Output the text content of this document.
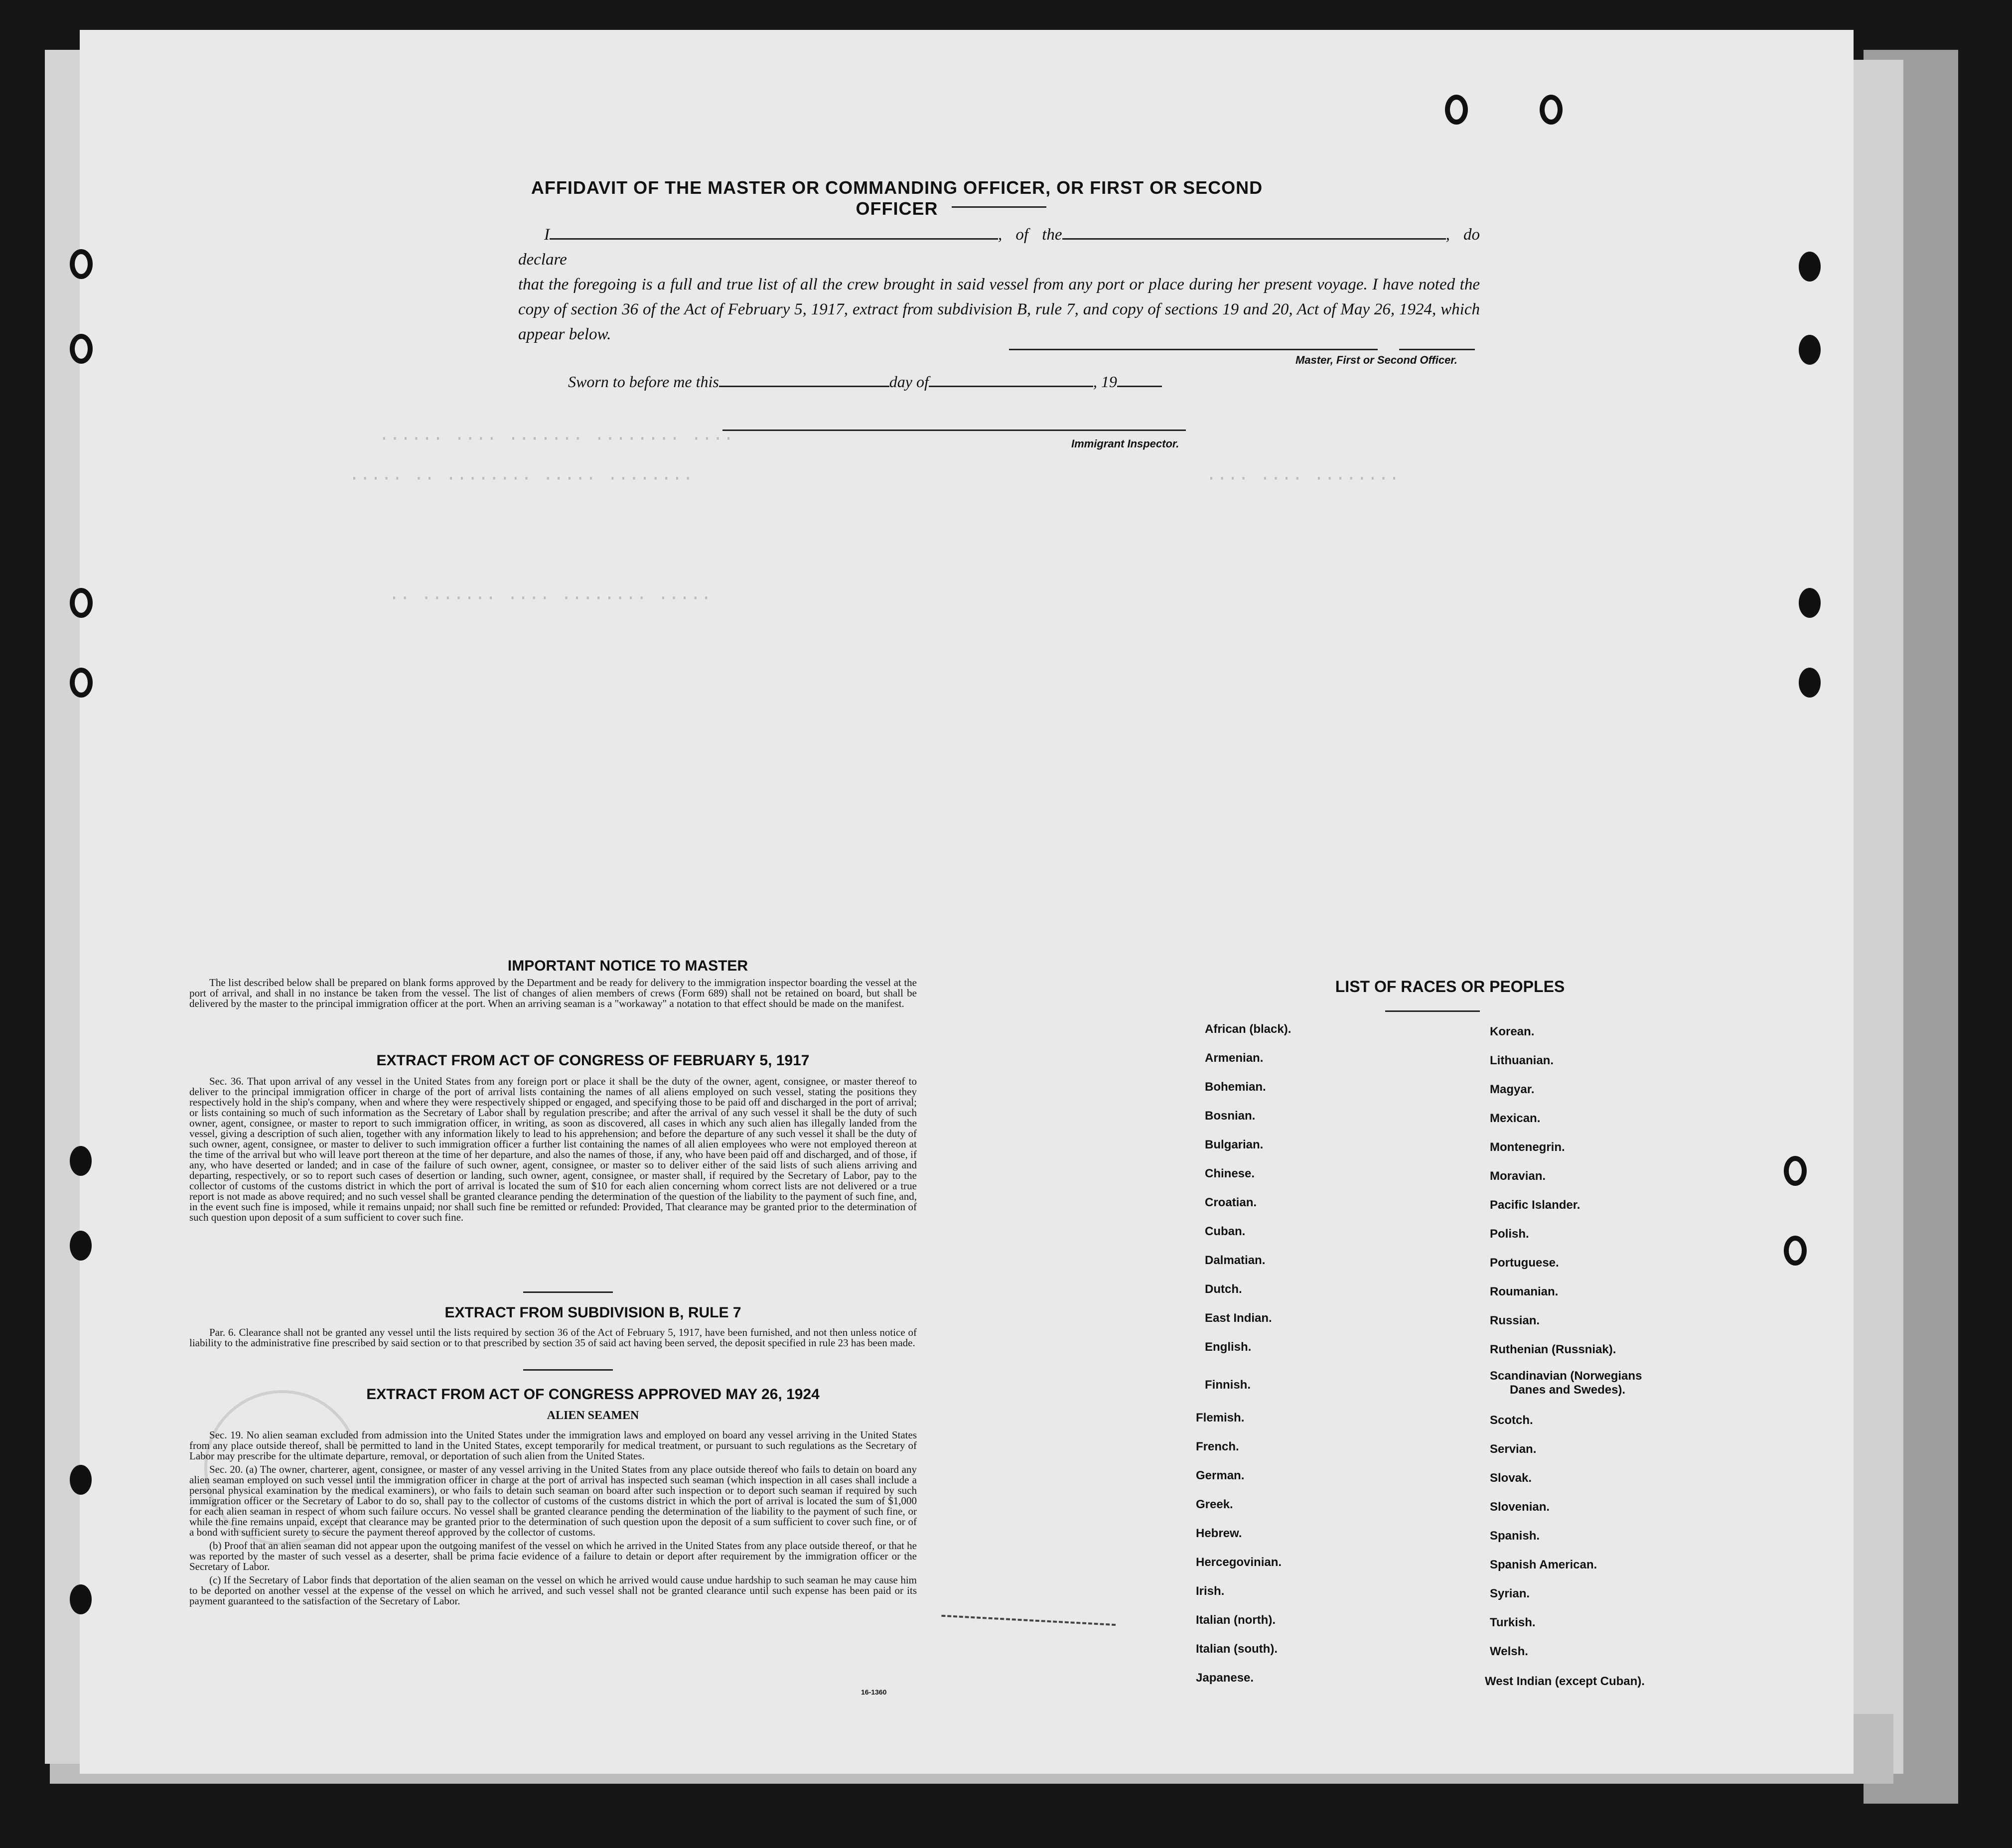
···· ········ ······· ···· ······
········ ····· ········ ·· ·····
····· ········ ···· ······· ··
········ ···· ····
AFFIDAVIT OF THE MASTER OR COMMANDING OFFICER, OR FIRST OR SECOND OFFICER
I	, of the	, do declare
that the foregoing is a full and true list of all the crew brought in said vessel from any port or place during her present voyage. I have noted the copy of section 36 of the Act of February 5, 1917, extract from subdivision B, rule 7, and copy of sections 19 and 20, Act of May 26, 1924, which appear below.
Master, First or Second Officer.
Sworn to before me this	day of	, 19
Immigrant Inspector.
IMPORTANT NOTICE TO MASTER

The list described below shall be prepared on blank forms approved by the Department and be ready for delivery to the immigration inspector boarding the vessel at the port of arrival, and shall in no instance be taken from the vessel. The list of changes of alien members of crews (Form 689) shall not be retained on board, but shall be delivered by the master to the principal immigration officer at the port. When an arriving seaman is a "workaway" a notation to that effect should be made on the manifest.

EXTRACT FROM ACT OF CONGRESS OF FEBRUARY 5, 1917

Sec. 36. That upon arrival of any vessel in the United States from any foreign port or place it shall be the duty of the owner, agent, consignee, or master thereof to deliver to the principal immigration officer in charge of the port of arrival lists containing the names of all aliens employed on such vessel, stating the positions they respectively hold in the ship's company, when and where they were respectively shipped or engaged, and specifying those to be paid off and discharged in the port of arrival; or lists containing so much of such information as the Secretary of Labor shall by regulation prescribe; and after the arrival of any such vessel it shall be the duty of such owner, agent, consignee, or master to report to such immigration officer, in writing, as soon as discovered, all cases in which any such alien has illegally landed from the vessel, giving a description of such alien, together with any information likely to lead to his apprehension; and before the departure of any such vessel it shall be the duty of such owner, agent, consignee, or master to deliver to such immigration officer a further list containing the names of all alien employees who were not employed thereon at the time of the arrival but who will leave port thereon at the time of her departure, and also the names of those, if any, who have been paid off and discharged, and of those, if any, who have deserted or landed; and in case of the failure of such owner, agent, consignee, or master so to deliver either of the said lists of such aliens arriving and departing, respectively, or so to report such cases of desertion or landing, such owner, agent, consignee, or master shall, if required by the Secretary of Labor, pay to the collector of customs of the customs district in which the port of arrival is located the sum of $10 for each alien concerning whom correct lists are not delivered or a true report is not made as above required; and no such vessel shall be granted clearance pending the determination of the question of the liability to the payment of such fine, and, in the event such fine is imposed, while it remains unpaid; nor shall such fine be remitted or refunded: Provided, That clearance may be granted prior to the determination of such question upon deposit of a sum sufficient to cover such fine.

EXTRACT FROM SUBDIVISION B, RULE 7

Par. 6. Clearance shall not be granted any vessel until the lists required by section 36 of the Act of February 5, 1917, have been furnished, and not then unless notice of liability to the administrative fine prescribed by said section or to that prescribed by section 35 of said act having been served, the deposit specified in rule 23 has been made.

EXTRACT FROM ACT OF CONGRESS APPROVED MAY 26, 1924
ALIEN SEAMEN

Sec. 19. No alien seaman excluded from admission into the United States under the immigration laws and employed on board any vessel arriving in the United States from any place outside thereof, shall be permitted to land in the United States, except temporarily for medical treatment, or pursuant to such regulations as the Secretary of Labor may prescribe for the ultimate departure, removal, or deportation of such alien from the United States.

Sec. 20. (a) The owner, charterer, agent, consignee, or master of any vessel arriving in the United States from any place outside thereof who fails to detain on board any alien seaman employed on such vessel until the immigration officer in charge at the port of arrival has inspected such seaman (which inspection in all cases shall include a personal physical examination by the medical examiners), or who fails to detain such seaman on board after such inspection or to deport such seaman if required by such immigration officer or the Secretary of Labor to do so, shall pay to the collector of customs of the customs district in which the port of arrival is located the sum of $1,000 for each alien seaman in respect of whom such failure occurs. No vessel shall be granted clearance pending the determination of the liability to the payment of such fine, or while the fine remains unpaid, except that clearance may be granted prior to the determination of such question upon the deposit of a sum sufficient to cover such fine, or of a bond with sufficient surety to secure the payment thereof approved by the collector of customs.

(b) Proof that an alien seaman did not appear upon the outgoing manifest of the vessel on which he arrived in the United States from any place outside thereof, or that he was reported by the master of such vessel as a deserter, shall be prima facie evidence of a failure to detain or deport after requirement by the immigration officer or the Secretary of Labor.

(c) If the Secretary of Labor finds that deportation of the alien seaman on the vessel on which he arrived would cause undue hardship to such seaman he may cause him to be deported on another vessel at the expense of the vessel on which he arrived, and such vessel shall not be granted clearance until such expense has been paid or its payment guaranteed to the satisfaction of the Secretary of Labor.

16-1360
LIST OF RACES OR PEOPLES
African (black).
Armenian.
Bohemian.
Bosnian.
Bulgarian.
Chinese.
Croatian.
Cuban.
Dalmatian.
Dutch.
East Indian.
English.
Finnish.
Flemish.
French.
German.
Greek.
Hebrew.
Hercegovinian.
Irish.
Italian (north).
Italian (south).
Japanese.
Korean.
Lithuanian.
Magyar.
Mexican.
Montenegrin.
Moravian.
Pacific Islander.
Polish.
Portuguese.
Roumanian.
Russian.
Ruthenian (Russniak).
Scandinavian (Norwegians
Danes and Swedes).
Scotch.
Servian.
Slovak.
Slovenian.
Spanish.
Spanish American.
Syrian.
Turkish.
Welsh.
West Indian (except Cuban).
